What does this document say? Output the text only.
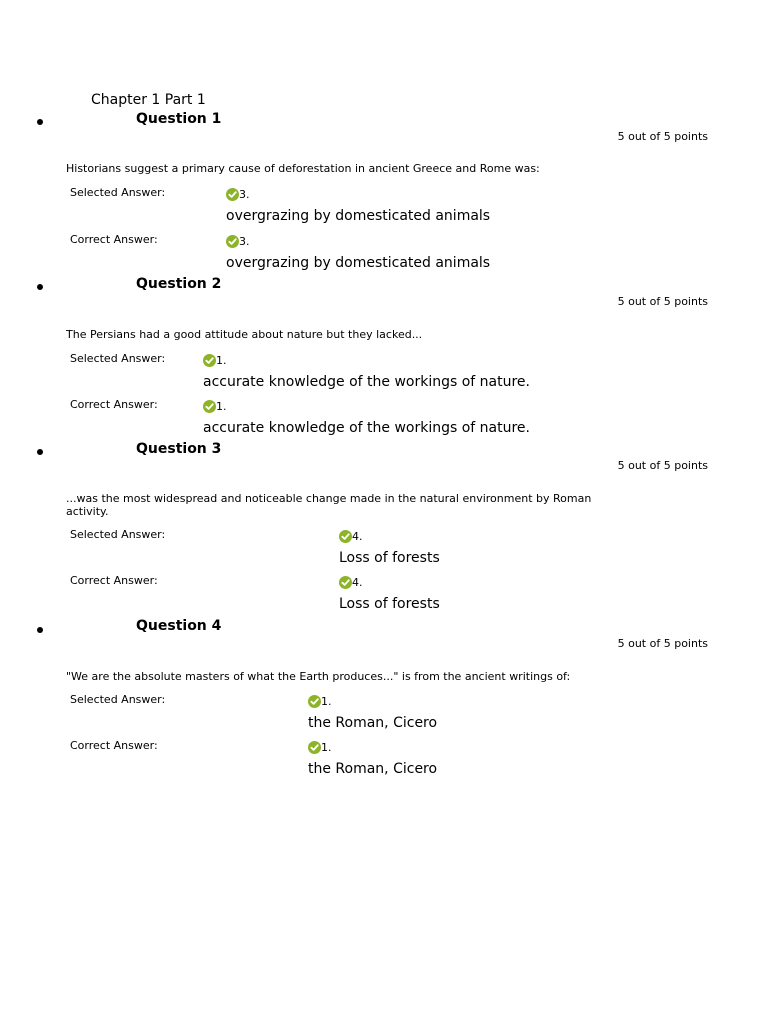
Chapter 1 Part 1
Question 1
5 out of 5 points
Historians suggest a primary cause of deforestation in ancient Greece and Rome was:
Selected Answer:	3.
overgrazing by domesticated animals
Correct Answer:	3.
overgrazing by domesticated animals
Question 2
5 out of 5 points
The Persians had a good attitude about nature but they lacked...
Selected Answer:	1.
accurate knowledge of the workings of nature.
Correct Answer:	1.
accurate knowledge of the workings of nature.
Question 3
5 out of 5 points
...was the most widespread and noticeable change made in the natural environment by Roman activity.
Selected Answer:	4.
Loss of forests
Correct Answer:	4.
Loss of forests
Question 4
5 out of 5 points
"We are the absolute masters of what the Earth produces..." is from the ancient writings of:
Selected Answer:	1.
the Roman, Cicero
Correct Answer:	1.
the Roman, Cicero
